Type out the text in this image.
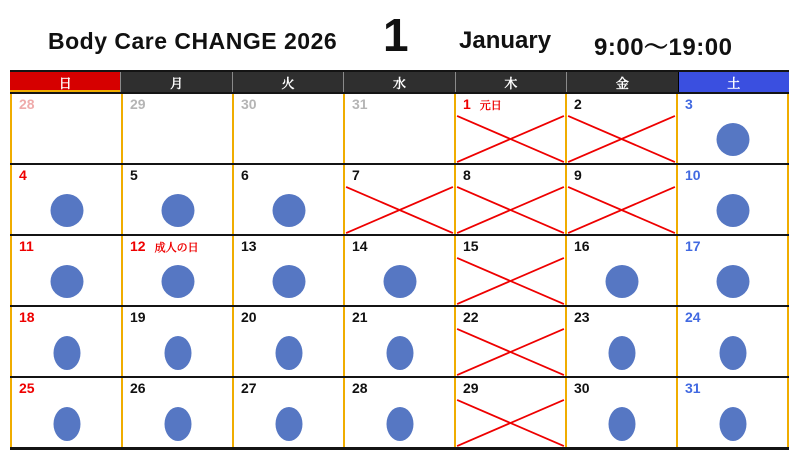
Body Care CHANGE 2026 1 January 9:00〜19:00
日	月	火	水	木	金	土
28	29	30	31	1 元日	2	3
4	5	6	7	8	9	10
11	12 成人の日	13	14	15	16	17
18	19	20	21	22	23	24
25	26	27	28	29	30	31
